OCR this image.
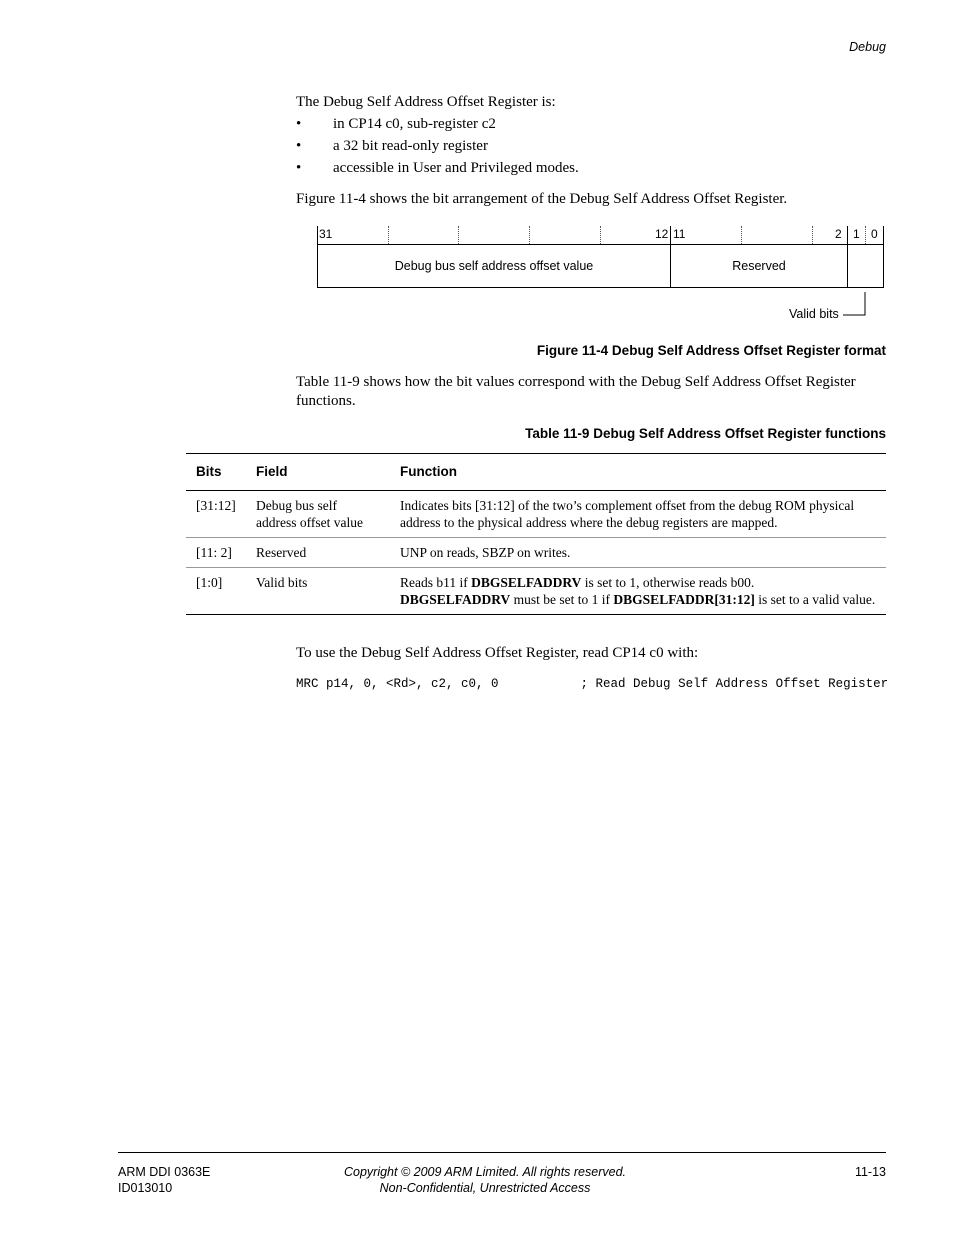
Debug
The Debug Self Address Offset Register is:
• in CP14 c0, sub-register c2
• a 32 bit read-only register
• accessible in User and Privileged modes.
Figure 11-4 shows the bit arrangement of the Debug Self Address Offset Register.
31	12 11	2 1 0
Debug bus self address offset value	Reserved
Valid bits
Figure 11-4 Debug Self Address Offset Register format
Table 11-9 shows how the bit values correspond with the Debug Self Address Offset Register functions.
Table 11-9 Debug Self Address Offset Register functions
Bits	Field	Function
[31:12]	Debug bus self address offset value	Indicates bits [31:12] of the two’s complement offset from the debug ROM physical address to the physical address where the debug registers are mapped.
[11: 2]	Reserved	UNP on reads, SBZP on writes.
[1:0]	Valid bits	Reads b11 if DBGSELFADDRV is set to 1, otherwise reads b00.
DBGSELFADDRV must be set to 1 if DBGSELFADDR[31:12] is set to a valid value.
To use the Debug Self Address Offset Register, read CP14 c0 with:
MRC p14, 0, <Rd>, c2, c0, 0	; Read Debug Self Address Offset Register
ARM DDI 0363E
ID013010
Copyright © 2009 ARM Limited. All rights reserved.
Non-Confidential, Unrestricted Access
11-13
